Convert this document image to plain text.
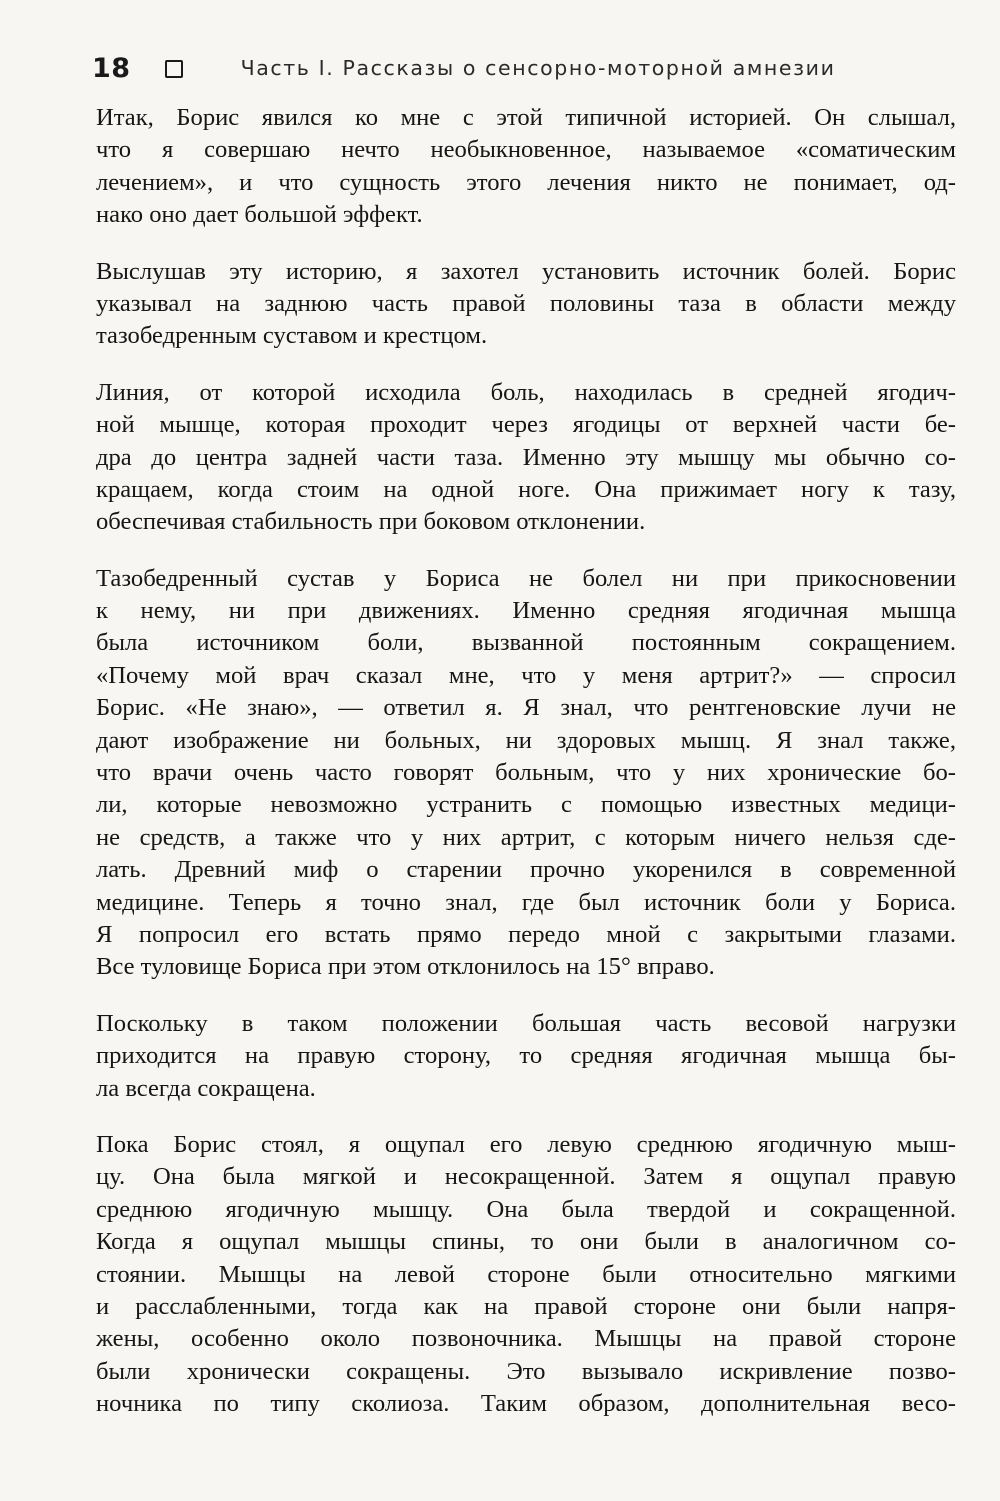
18	Часть I. Рассказы о сенсорно-моторной амнезии

Итак, Борис явился ко мне с этой типичной историей. Он слышал,
что я совершаю нечто необыкновенное, называемое «соматическим
лечением», и что сущность этого лечения никто не понимает, од-
нако оно дает большой эффект.

Выслушав эту историю, я захотел установить источник болей. Борис
указывал на заднюю часть правой половины таза в области между
тазобедренным суставом и крестцом.

Линия, от которой исходила боль, находилась в средней ягодич-
ной мышце, которая проходит через ягодицы от верхней части бе-
дра до центра задней части таза. Именно эту мышцу мы обычно со-
кращаем, когда стоим на одной ноге. Она прижимает ногу к тазу,
обеспечивая стабильность при боковом отклонении.

Тазобедренный сустав у Бориса не болел ни при прикосновении
к нему, ни при движениях. Именно средняя ягодичная мышца
была источником боли, вызванной постоянным сокращением.
«Почему мой врач сказал мне, что у меня артрит?» — спросил
Борис. «Не знаю», — ответил я. Я знал, что рентгеновские лучи не
дают изображение ни больных, ни здоровых мышц. Я знал также,
что врачи очень часто говорят больным, что у них хронические бо-
ли, которые невозможно устранить с помощью известных медици-
не средств, а также что у них артрит, с которым ничего нельзя сде-
лать. Древний миф о старении прочно укоренился в современной
медицине. Теперь я точно знал, где был источник боли у Бориса.
Я попросил его встать прямо передо мной с закрытыми глазами.
Все туловище Бориса при этом отклонилось на 15° вправо.

Поскольку в таком положении большая часть весовой нагрузки
приходится на правую сторону, то средняя ягодичная мышца бы-
ла всегда сокращена.

Пока Борис стоял, я ощупал его левую среднюю ягодичную мыш-
цу. Она была мягкой и несокращенной. Затем я ощупал правую
среднюю ягодичную мышцу. Она была твердой и сокращенной.
Когда я ощупал мышцы спины, то они были в аналогичном со-
стоянии. Мышцы на левой стороне были относительно мягкими
и расслабленными, тогда как на правой стороне они были напря-
жены, особенно около позвоночника. Мышцы на правой стороне
были хронически сокращены. Это вызывало искривление позво-
ночника по типу сколиоза. Таким образом, дополнительная весо-
